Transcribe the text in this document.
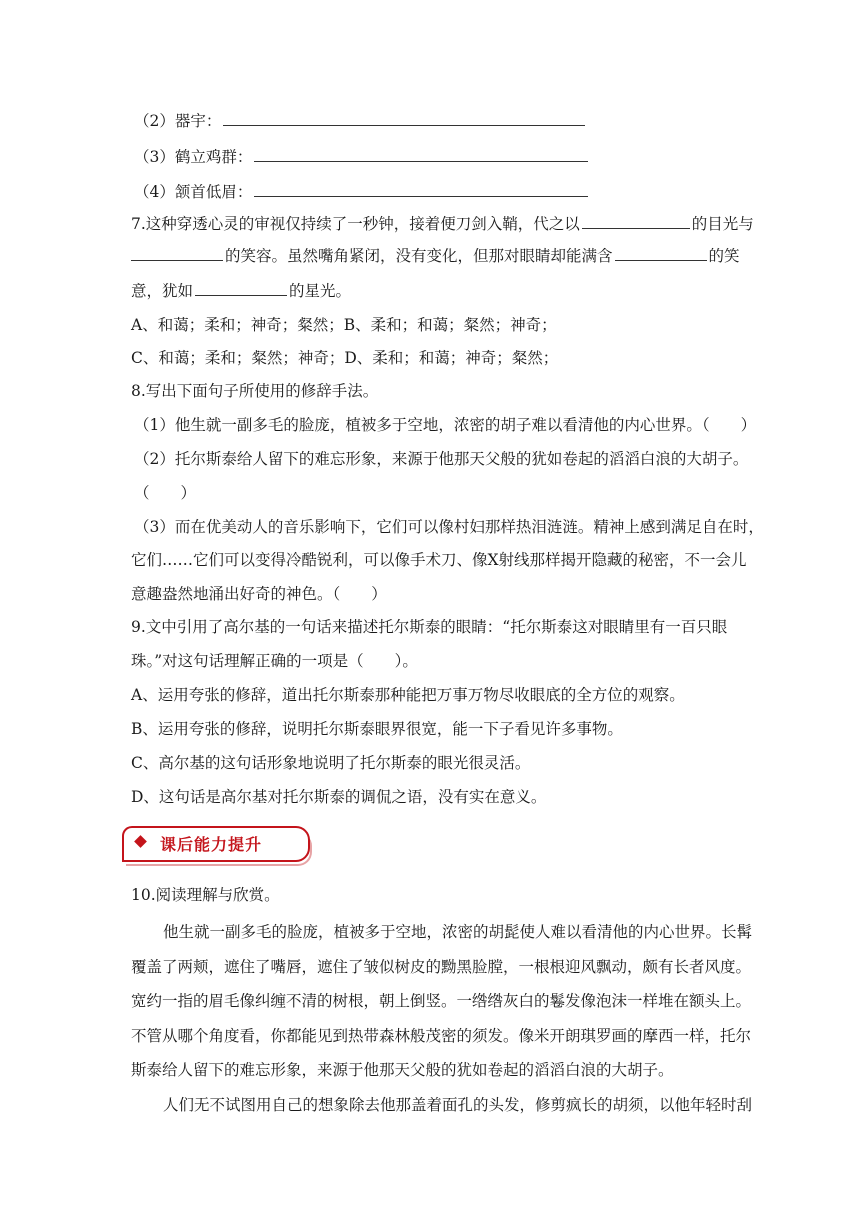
（2）器宇：
（3）鹤立鸡群：
（4）颔首低眉：
7.这种穿透心灵的审视仅持续了一秒钟，接着便刀剑入鞘，代之以	的目光与
的笑容。虽然嘴角紧闭，没有变化，但那对眼睛却能满含	的笑
意，犹如	的星光。
A、和蔼；柔和；神奇；粲然；B、柔和；和蔼；粲然；神奇；
C、和蔼；柔和；粲然；神奇；D、柔和；和蔼；神奇；粲然；
8.写出下面句子所使用的修辞手法。
（1）他生就一副多毛的脸庞，植被多于空地，浓密的胡子难以看清他的内心世界。（　　）
（2）托尔斯泰给人留下的难忘形象，来源于他那天父般的犹如卷起的滔滔白浪的大胡子。
（　　）
（3）而在优美动人的音乐影响下，它们可以像村妇那样热泪涟涟。精神上感到满足自在时，
它们……它们可以变得冷酷锐利，可以像手术刀、像Ⅹ射线那样揭开隐藏的秘密，不一会儿
意趣盎然地涌出好奇的神色。（　　）
9.文中引用了高尔基的一句话来描述托尔斯泰的眼睛：“托尔斯泰这对眼睛里有一百只眼
珠。”对这句话理解正确的一项是（　　）。
A、运用夸张的修辞，道出托尔斯泰那种能把万事万物尽收眼底的全方位的观察。
B、运用夸张的修辞，说明托尔斯泰眼界很宽，能一下子看见许多事物。
C、高尔基的这句话形象地说明了托尔斯泰的眼光很灵活。
D、这句话是高尔基对托尔斯泰的调侃之语，没有实在意义。
课后能力提升
10.阅读理解与欣赏。
他生就一副多毛的脸庞，植被多于空地，浓密的胡髭使人难以看清他的内心世界。长髯
覆盖了两颊，遮住了嘴唇，遮住了皱似树皮的黝黑脸膛，一根根迎风飘动，颇有长者风度。
宽约一指的眉毛像纠缠不清的树根，朝上倒竖。一绺绺灰白的鬈发像泡沫一样堆在额头上。
不管从哪个角度看，你都能见到热带森林般茂密的须发。像米开朗琪罗画的摩西一样，托尔
斯泰给人留下的难忘形象，来源于他那天父般的犹如卷起的滔滔白浪的大胡子。
人们无不试图用自己的想象除去他那盖着面孔的头发，修剪疯长的胡须，以他年轻时刮
